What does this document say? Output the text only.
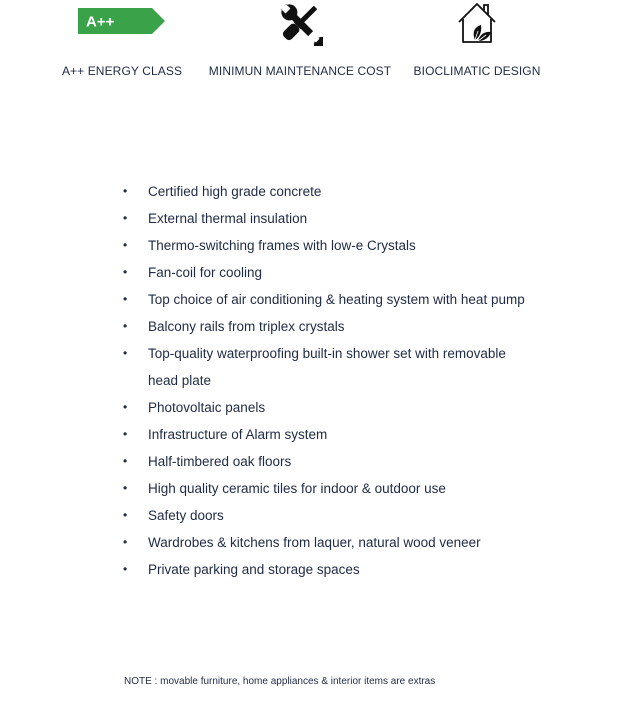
A++
A++ ENERGY CLASS MINIMUN MAINTENANCE COST BIOCLIMATIC DESIGN
• Certified high grade concrete
• External thermal insulation
• Thermo-switching frames with low-e Crystals
• Fan-coil for cooling
• Top choice of air conditioning & heating system with heat pump
• Balcony rails from triplex crystals
• Top-quality waterproofing built-in shower set with removable head plate
• Photovoltaic panels
• Infrastructure of Alarm system
• Half-timbered oak floors
• High quality ceramic tiles for indoor & outdoor use
• Safety doors
• Wardrobes & kitchens from laquer, natural wood veneer
• Private parking and storage spaces
NOTE : movable furniture, home appliances & interior items are extras
